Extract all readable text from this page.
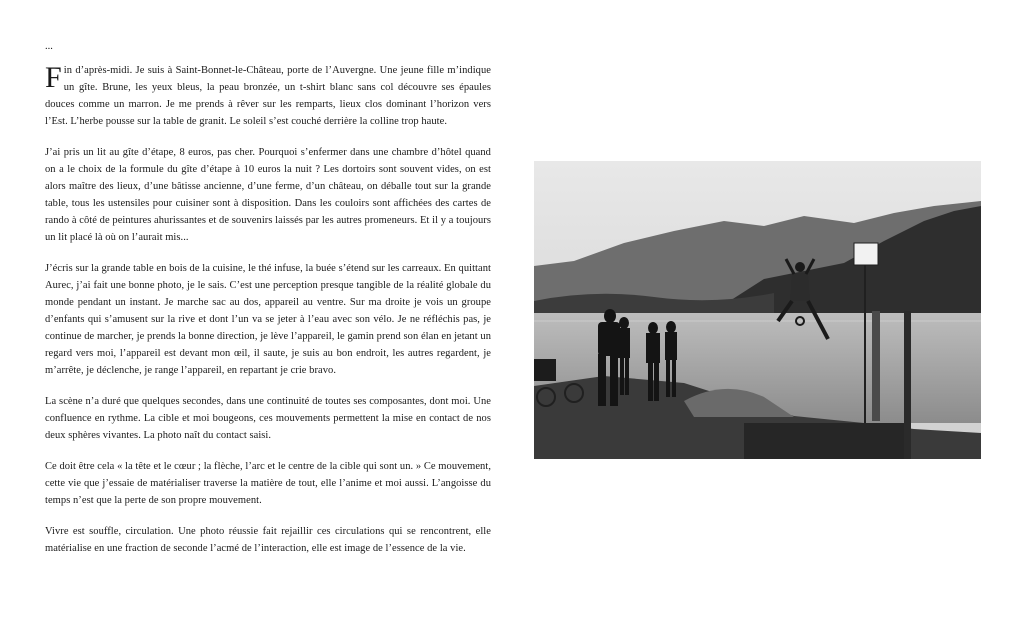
...

Fin d’après-midi. Je suis à Saint-Bonnet-le-Château, porte de l’Auvergne. Une jeune fille m’indique un gîte. Brune, les yeux bleus, la peau bronzée, un t-shirt blanc sans col découvre ses épaules douces comme un marron. Je me prends à rêver sur les remparts, lieux clos dominant l’horizon vers l’Est. L’herbe pousse sur la table de granit. Le soleil s’est couché derrière la colline trop haute.

J’ai pris un lit au gîte d’étape, 8 euros, pas cher. Pourquoi s’enfermer dans une chambre d’hôtel quand on a le choix de la formule du gîte d’étape à 10 euros la nuit ? Les dortoirs sont souvent vides, on est alors maître des lieux, d’une bâtisse ancienne, d’une ferme, d’un château, on déballe tout sur la grande table, tous les ustensiles pour cuisiner sont à disposition. Dans les couloirs sont affichées des cartes de rando à côté de peintures ahurissantes et de souvenirs laissés par les autres promeneurs. Et il y a toujours un lit placé là où on l’aurait mis...

J’écris sur la grande table en bois de la cuisine, le thé infuse, la buée s’étend sur les carreaux. En quittant Aurec, j’ai fait une bonne photo, je le sais. C’est une perception presque tangible de la réalité globale du monde pendant un instant. Je marche sac au dos, appareil au ventre. Sur ma droite je vois un groupe d’enfants qui s’amusent sur la rive et dont l’un va se jeter à l’eau avec son vélo. Je ne réfléchis pas, je continue de marcher, je prends la bonne direction, je lève l’appareil, le gamin prend son élan en jetant un regard vers moi, l’appareil est devant mon œil, il saute, je suis au bon endroit, les autres regardent, je m’arrête, je déclenche, je range l’appareil, en repartant je crie bravo.

La scène n’a duré que quelques secondes, dans une continuité de toutes ses composantes, dont moi. Une confluence en rythme. La cible et moi bougeons, ces mouvements permettent la mise en contact de nos deux sphères vivantes. La photo naît du contact saisi.

Ce doit être cela « la tête et le cœur ; la flèche, l’arc et le centre de la cible qui sont un. » Ce mouvement, cette vie que j’essaie de matérialiser traverse la matière de tout, elle l’anime et moi aussi. L’angoisse du temps n’est que la perte de son propre mouvement.

Vivre est souffle, circulation. Une photo réussie fait rejaillir ces circulations qui se rencontrent, elle matérialise en une fraction de seconde l’acmé de l’interaction, elle est image de l’essence de la vie.
